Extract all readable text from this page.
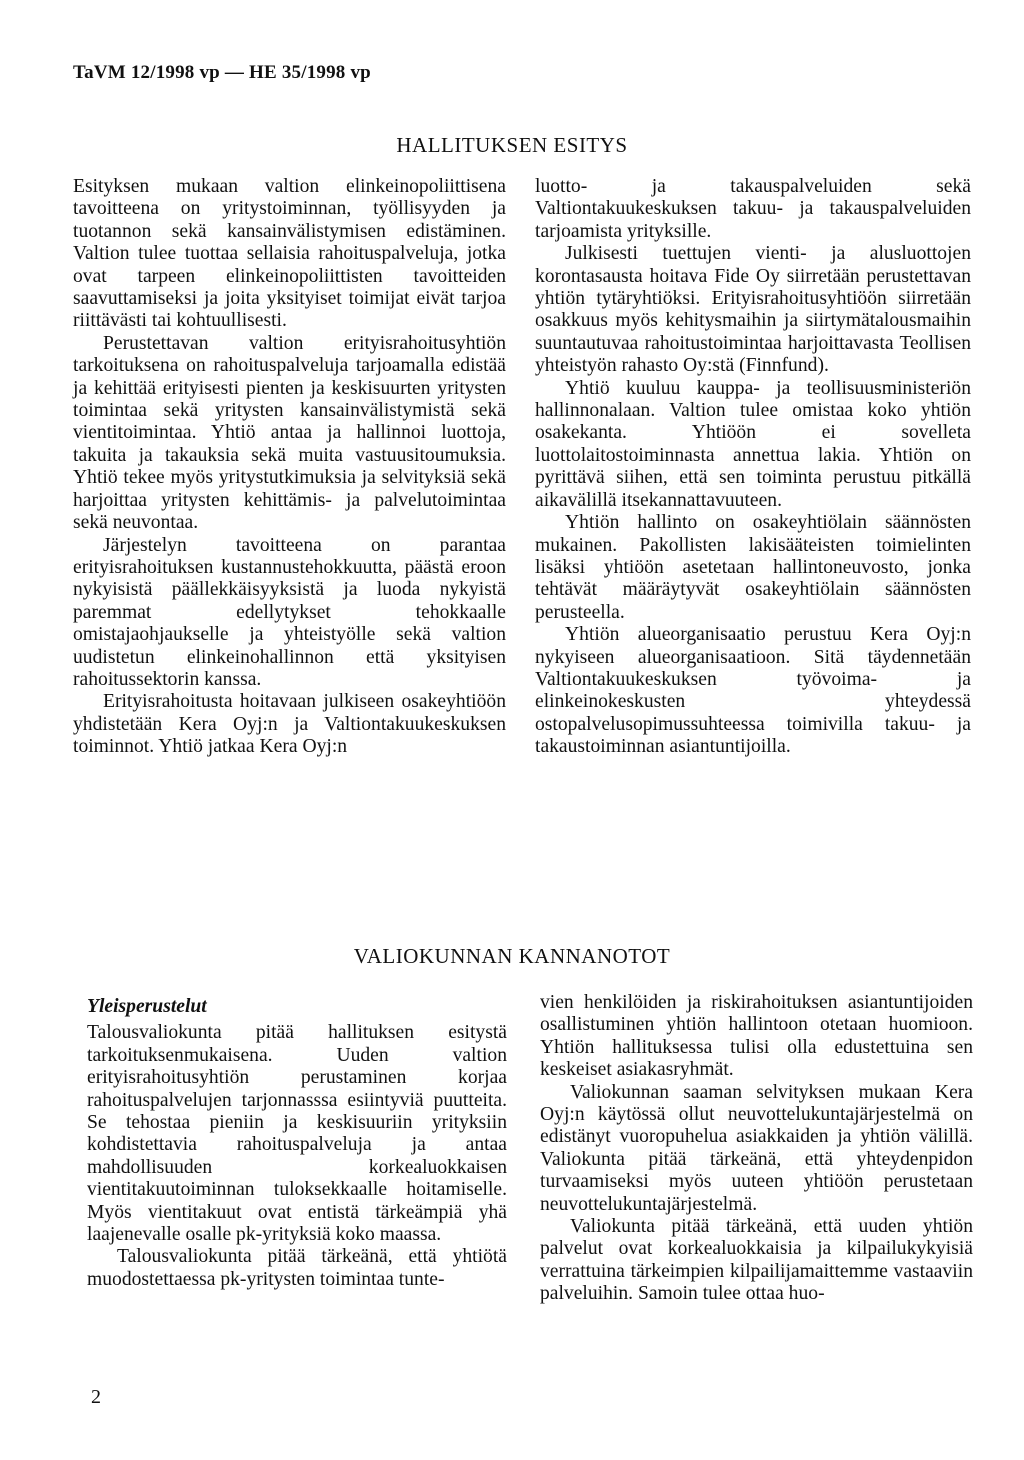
TaVM 12/1998 vp — HE 35/1998 vp
HALLITUKSEN ESITYS

Esityksen mukaan valtion elinkeinopoliittisena tavoitteena on yritystoiminnan, työllisyyden ja tuotannon sekä kansainvälistymisen edistäminen. Valtion tulee tuottaa sellaisia rahoituspalveluja, jotka ovat tarpeen elinkeinopoliittisten tavoitteiden saavuttamiseksi ja joita yksityiset toimijat eivät tarjoa riittävästi tai kohtuullisesti.

Perustettavan valtion erityisrahoitusyhtiön tarkoituksena on rahoituspalveluja tarjoamalla edistää ja kehittää erityisesti pienten ja keskisuurten yritysten toimintaa sekä yritysten kansainvälistymistä sekä vientitoimintaa. Yhtiö antaa ja hallinnoi luottoja, takuita ja takauksia sekä muita vastuusitoumuksia. Yhtiö tekee myös yritystutkimuksia ja selvityksiä sekä harjoittaa yritysten kehittämis- ja palvelutoimintaa sekä neuvontaa.

Järjestelyn tavoitteena on parantaa erityisrahoituksen kustannustehokkuutta, päästä eroon nykyisistä päällekkäisyyksistä ja luoda nykyistä paremmat edellytykset tehokkaalle omistajaohjaukselle ja yhteistyölle sekä valtion uudistetun elinkeinohallinnon että yksityisen rahoitussektorin kanssa.

Erityisrahoitusta hoitavaan julkiseen osakeyhtiöön yhdistetään Kera Oyj:n ja Valtiontakuukeskuksen toiminnot. Yhtiö jatkaa Kera Oyj:n

luotto- ja takauspalveluiden sekä Valtiontakuukeskuksen takuu- ja takauspalveluiden tarjoamista yrityksille.

Julkisesti tuettujen vienti- ja alusluottojen korontasausta hoitava Fide Oy siirretään perustettavan yhtiön tytäryhtiöksi. Erityisrahoitusyhtiöön siirretään osakkuus myös kehitysmaihin ja siirtymätalousmaihin suuntautuvaa rahoitustoimintaa harjoittavasta Teollisen yhteistyön rahasto Oy:stä (Finnfund).

Yhtiö kuuluu kauppa- ja teollisuusministeriön hallinnonalaan. Valtion tulee omistaa koko yhtiön osakekanta. Yhtiöön ei sovelleta luottolaitostoiminnasta annettua lakia. Yhtiön on pyrittävä siihen, että sen toiminta perustuu pitkällä aikavälillä itsekannattavuuteen.

Yhtiön hallinto on osakeyhtiölain säännösten mukainen. Pakollisten lakisääteisten toimielinten lisäksi yhtiöön asetetaan hallintoneuvosto, jonka tehtävät määräytyvät osakeyhtiölain säännösten perusteella.

Yhtiön alueorganisaatio perustuu Kera Oyj:n nykyiseen alueorganisaatioon. Sitä täydennetään Valtiontakuukeskuksen työvoima- ja elinkeinokeskusten yhteydessä ostopalvelusopimussuhteessa toimivilla takuu- ja takaustoiminnan asiantuntijoilla.

VALIOKUNNAN KANNANOTOT
Yleisperustelut

Talousvaliokunta pitää hallituksen esitystä tarkoituksenmukaisena. Uuden valtion erityisrahoitusyhtiön perustaminen korjaa rahoituspalvelujen tarjonnasssa esiintyviä puutteita. Se tehostaa pieniin ja keskisuuriin yrityksiin kohdistettavia rahoituspalveluja ja antaa mahdollisuuden korkealuokkaisen vientitakuutoiminnan tuloksekkaalle hoitamiselle. Myös vientitakuut ovat entistä tärkeämpiä yhä laajenevalle osalle pk-yrityksiä koko maassa.

Talousvaliokunta pitää tärkeänä, että yhtiötä muodostettaessa pk-yritysten toimintaa tunte-

vien henkilöiden ja riskirahoituksen asiantuntijoiden osallistuminen yhtiön hallintoon otetaan huomioon. Yhtiön hallituksessa tulisi olla edustettuina sen keskeiset asiakasryhmät.

Valiokunnan saaman selvityksen mukaan Kera Oyj:n käytössä ollut neuvottelukuntajärjestelmä on edistänyt vuoropuhelua asiakkaiden ja yhtiön välillä. Valiokunta pitää tärkeänä, että yhteydenpidon turvaamiseksi myös uuteen yhtiöön perustetaan neuvottelukuntajärjestelmä.

Valiokunta pitää tärkeänä, että uuden yhtiön palvelut ovat korkealuokkaisia ja kilpailukykyisiä verrattuina tärkeimpien kilpailijamaittemme vastaaviin palveluihin. Samoin tulee ottaa huo-

2
